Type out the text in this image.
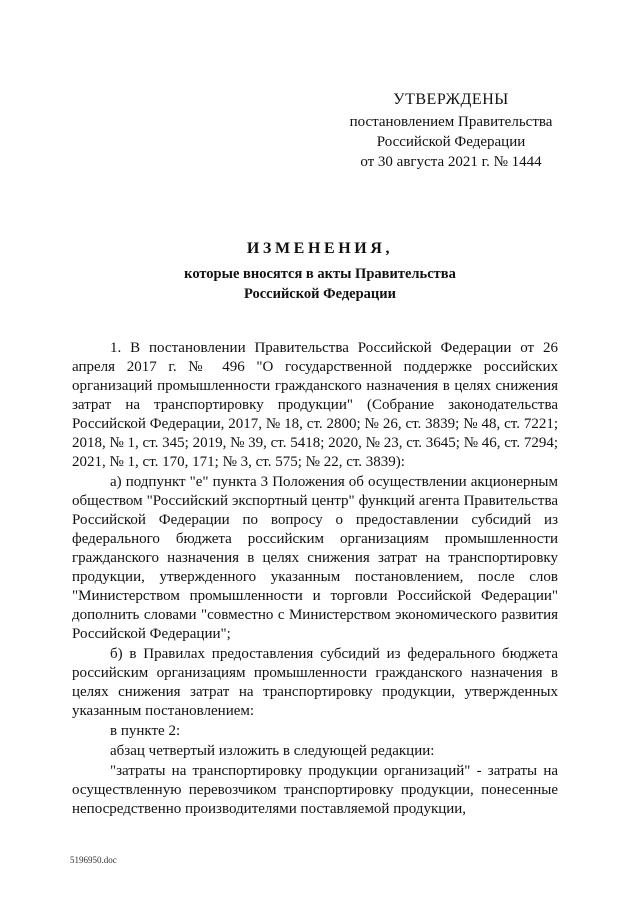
УТВЕРЖДЕНЫ
постановлением Правительства
Российской Федерации
от 30 августа 2021 г. № 1444
ИЗМЕНЕНИЯ,
которые вносятся в акты Правительства
Российской Федерации

1. В постановлении Правительства Российской Федерации от 26 апреля 2017 г. № 496 "О государственной поддержке российских организаций промышленности гражданского назначения в целях снижения затрат на транспортировку продукции" (Собрание законодательства Российской Федерации, 2017, № 18, ст. 2800; № 26, ст. 3839; № 48, ст. 7221; 2018, № 1, ст. 345; 2019, № 39, ст. 5418; 2020, № 23, ст. 3645; № 46, ст. 7294; 2021, № 1, ст. 170, 171; № 3, ст. 575; № 22, ст. 3839):

а) подпункт "е" пункта 3 Положения об осуществлении акционерным обществом "Российский экспортный центр" функций агента Правительства Российской Федерации по вопросу о предоставлении субсидий из федерального бюджета российским организациям промышленности гражданского назначения в целях снижения затрат на транспортировку продукции, утвержденного указанным постановлением, после слов "Министерством промышленности и торговли Российской Федерации" дополнить словами "совместно с Министерством экономического развития Российской Федерации";

б) в Правилах предоставления субсидий из федерального бюджета российским организациям промышленности гражданского назначения в целях снижения затрат на транспортировку продукции, утвержденных указанным постановлением:

в пункте 2:

абзац четвертый изложить в следующей редакции:

"затраты на транспортировку продукции организаций" - затраты на осуществленную перевозчиком транспортировку продукции, понесенные непосредственно производителями поставляемой продукции,

5196950.doc
